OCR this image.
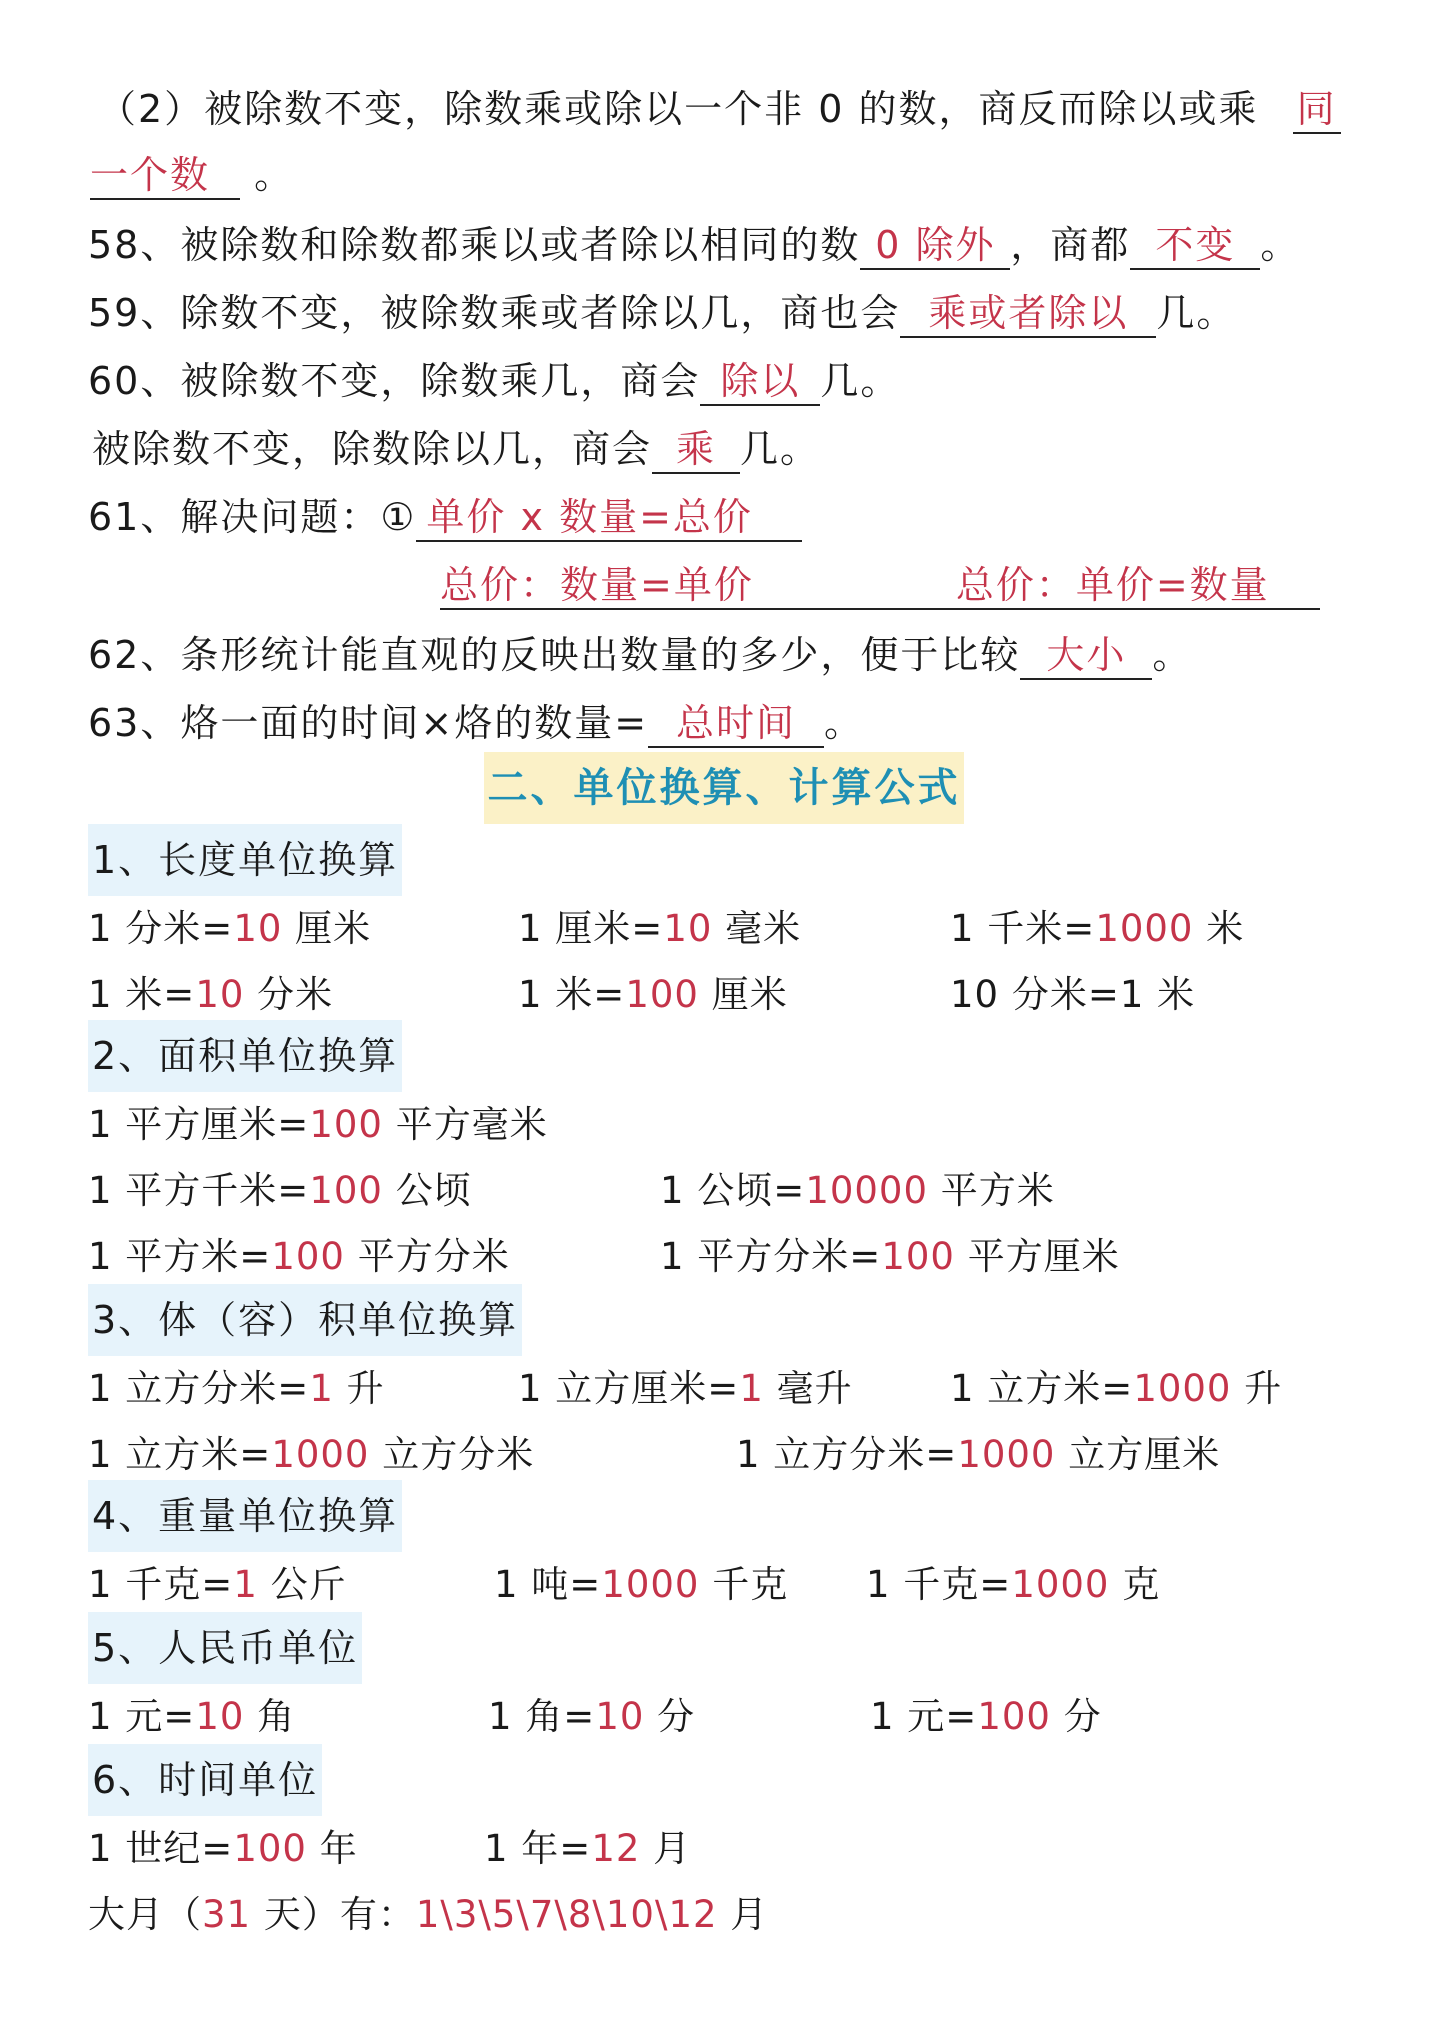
（2）被除数不变，除数乘或除以一个非 0 的数，商反而除以或乘 同
一个数 。
58、被除数和除数都乘以或者除以相同的数 0 除外 ，商都 不变 。
59、除数不变，被除数乘或者除以几，商也会 乘或者除以 几。
60、被除数不变，除数乘几，商会 除以 几。
被除数不变，除数除以几，商会 乘 几。
61、解决问题：① 单价 x 数量=总价
总价：数量=单价	总价：单价=数量
62、条形统计能直观的反映出数量的多少，便于比较 大小 。
63、烙一面的时间×烙的数量= 总时间 。
二、单位换算、计算公式
1、长度单位换算
1 分米=10 厘米	1 厘米=10 毫米	1 千米=1000 米
1 米=10 分米	1 米=100 厘米	10 分米=1 米
2、面积单位换算
1 平方厘米=100 平方毫米
1 平方千米=100 公顷	1 公顷=10000 平方米
1 平方米=100 平方分米	1 平方分米=100 平方厘米
3、体（容）积单位换算
1 立方分米=1 升	1 立方厘米=1 毫升	1 立方米=1000 升
1 立方米=1000 立方分米	1 立方分米=1000 立方厘米
4、重量单位换算
1 千克=1 公斤	1 吨=1000 千克 1 千克=1000 克
5、人民币单位
1 元=10 角	1 角=10 分	1 元=100 分
6、时间单位
1 世纪=100 年	1 年=12 月
大月（31 天）有：1\3\5\7\8\10\12 月
